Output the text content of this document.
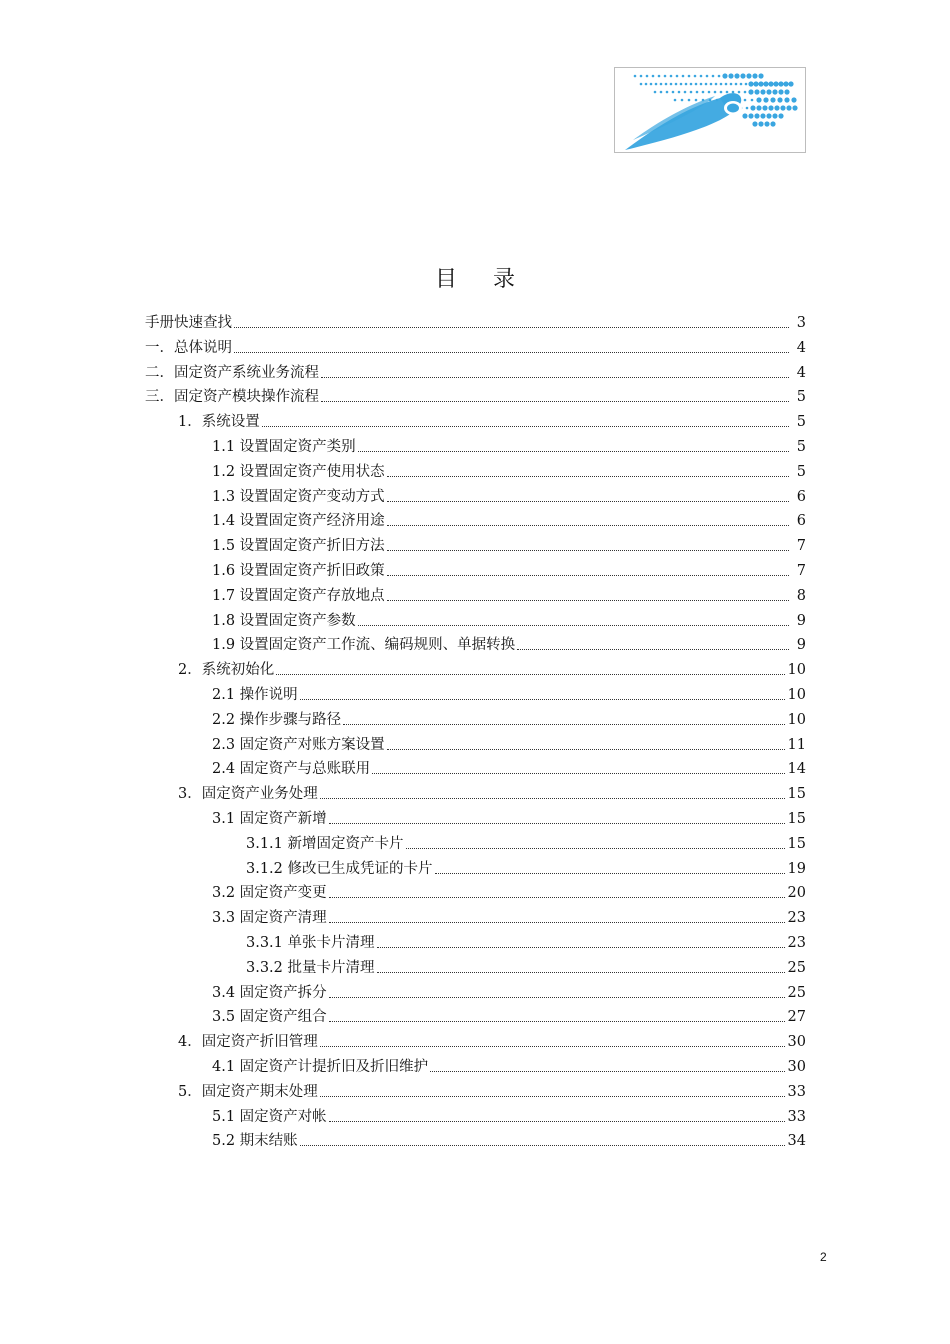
目录
手册快速查找	3
一．总体说明	4
二．固定资产系统业务流程	4
三．固定资产模块操作流程	5
1．系统设置	5
1.1 设置固定资产类别	5
1.2 设置固定资产使用状态	5
1.3 设置固定资产变动方式	6
1.4 设置固定资产经济用途	6
1.5 设置固定资产折旧方法	7
1.6 设置固定资产折旧政策	7
1.7 设置固定资产存放地点	8
1.8 设置固定资产参数	9
1.9 设置固定资产工作流、编码规则、单据转换	9
2．系统初始化	10
2.1 操作说明	10
2.2 操作步骤与路径	10
2.3 固定资产对账方案设置	11
2.4 固定资产与总账联用	14
3．固定资产业务处理	15
3.1 固定资产新增	15
3.1.1 新增固定资产卡片	15
3.1.2 修改已生成凭证的卡片	19
3.2 固定资产变更	20
3.3 固定资产清理	23
3.3.1 单张卡片清理	23
3.3.2 批量卡片清理	25
3.4 固定资产拆分	25
3.5 固定资产组合	27
4．固定资产折旧管理	30
4.1 固定资产计提折旧及折旧维护	30
5．固定资产期末处理	33
5.1 固定资产对帐	33
5.2 期末结账	34
2
